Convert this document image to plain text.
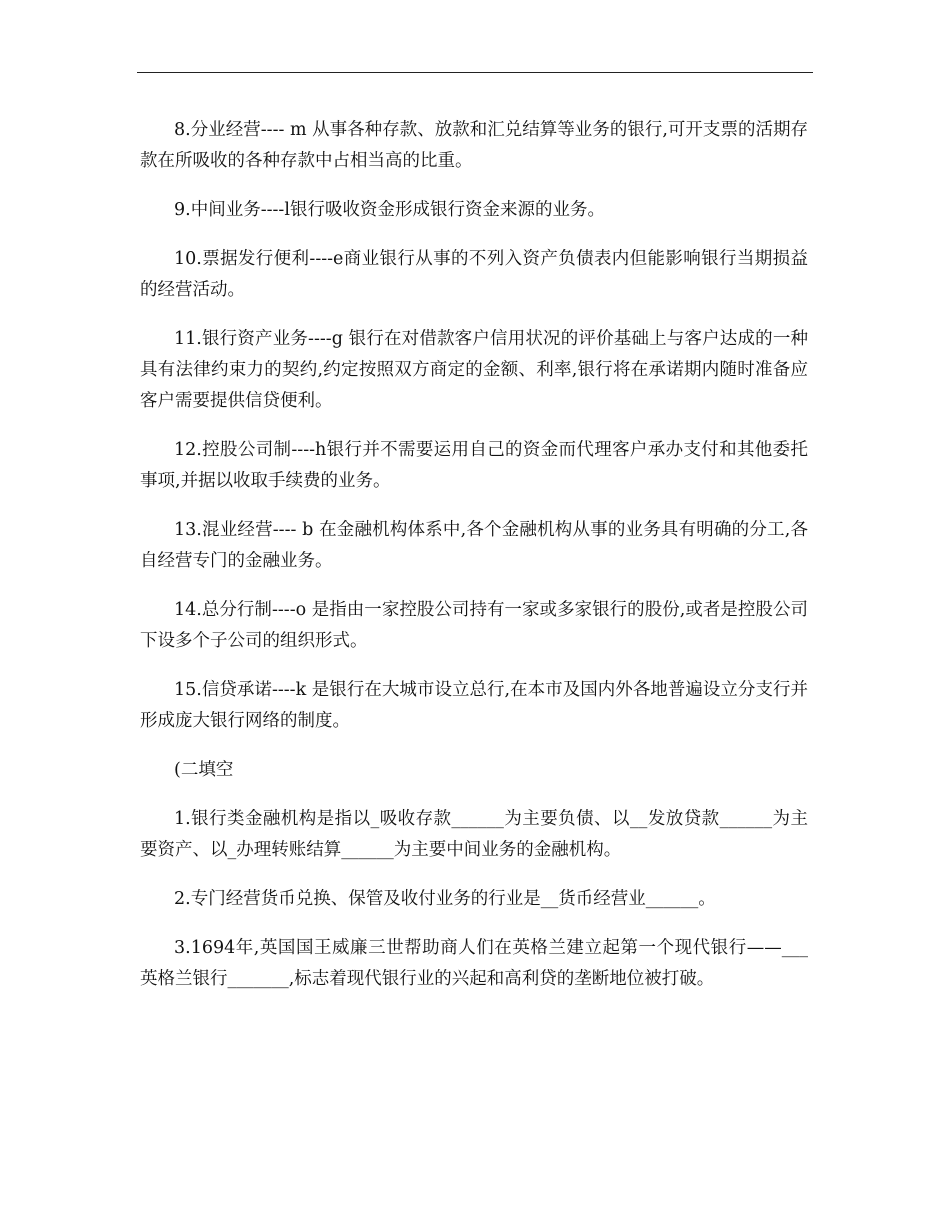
8.分业经营---- m 从事各种存款、放款和汇兑结算等业务的银行,可开支票的活期存款在所吸收的各种存款中占相当高的比重。

9.中间业务----l银行吸收资金形成银行资金来源的业务。

10.票据发行便利----e商业银行从事的不列入资产负债表内但能影响银行当期损益的经营活动。

11.银行资产业务----g 银行在对借款客户信用状况的评价基础上与客户达成的一种具有法律约束力的契约,约定按照双方商定的金额、利率,银行将在承诺期内随时准备应客户需要提供信贷便利。

12.控股公司制----h银行并不需要运用自己的资金而代理客户承办支付和其他委托事项,并据以收取手续费的业务。

13.混业经营---- b 在金融机构体系中,各个金融机构从事的业务具有明确的分工,各自经营专门的金融业务。

14.总分行制----o 是指由一家控股公司持有一家或多家银行的股份,或者是控股公司下设多个子公司的组织形式。

15.信贷承诺----k 是银行在大城市设立总行,在本市及国内外各地普遍设立分支行并形成庞大银行网络的制度。

(二填空

1.银行类金融机构是指以_吸收存款______为主要负债、以__发放贷款______为主要资产、以_办理转账结算______为主要中间业务的金融机构。

2.专门经营货币兑换、保管及收付业务的行业是__货币经营业______。

3.1694年,英国国王威廉三世帮助商人们在英格兰建立起第一个现代银行——___英格兰银行_______,标志着现代银行业的兴起和高利贷的垄断地位被打破。
